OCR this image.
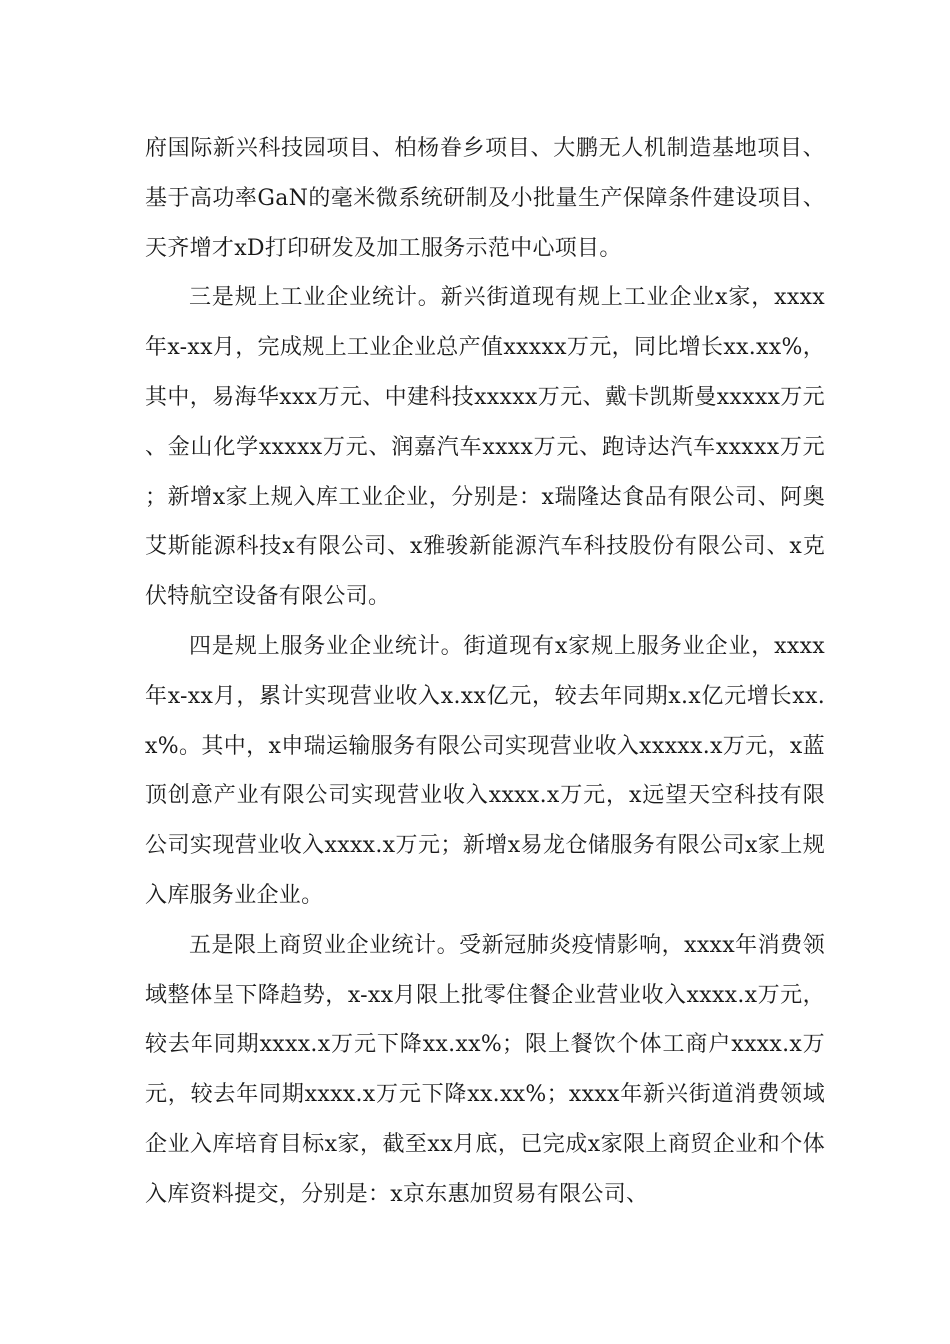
府国际新兴科技园项目、柏杨眷乡项目、大鹏无人机制造基地项目、基于高功率GaN的毫米微系统研制及小批量生产保障条件建设项目、天齐增才xD打印研发及加工服务示范中心项目。

三是规上工业企业统计。新兴街道现有规上工业企业x家，xxxx年x-xx月，完成规上工业企业总产值xxxxx万元，同比增长xx.xx%，其中，易海华xxx万元、中建科技xxxxx万元、戴卡凯斯曼xxxxx万元、金山化学xxxxx万元、润嘉汽车xxxx万元、跑诗达汽车xxxxx万元；新增x家上规入库工业企业，分别是：x瑞隆达食品有限公司、阿奥艾斯能源科技x有限公司、x雅骏新能源汽车科技股份有限公司、x克伏特航空设备有限公司。

四是规上服务业企业统计。街道现有x家规上服务业企业，xxxx年x-xx月，累计实现营业收入x.xx亿元，较去年同期x.x亿元增长xx.x%。其中，x申瑞运输服务有限公司实现营业收入xxxxx.x万元，x蓝顶创意产业有限公司实现营业收入xxxx.x万元，x远望天空科技有限公司实现营业收入xxxx.x万元；新增x易龙仓储服务有限公司x家上规入库服务业企业。

五是限上商贸业企业统计。受新冠肺炎疫情影响，xxxx年消费领域整体呈下降趋势，x-xx月限上批零住餐企业营业收入xxxx.x万元，较去年同期xxxx.x万元下降xx.xx%；限上餐饮个体工商户xxxx.x万元，较去年同期xxxx.x万元下降xx.xx%；xxxx年新兴街道消费领域企业入库培育目标x家，截至xx月底，已完成x家限上商贸企业和个体入库资料提交，分别是：x京东惠加贸易有限公司、
